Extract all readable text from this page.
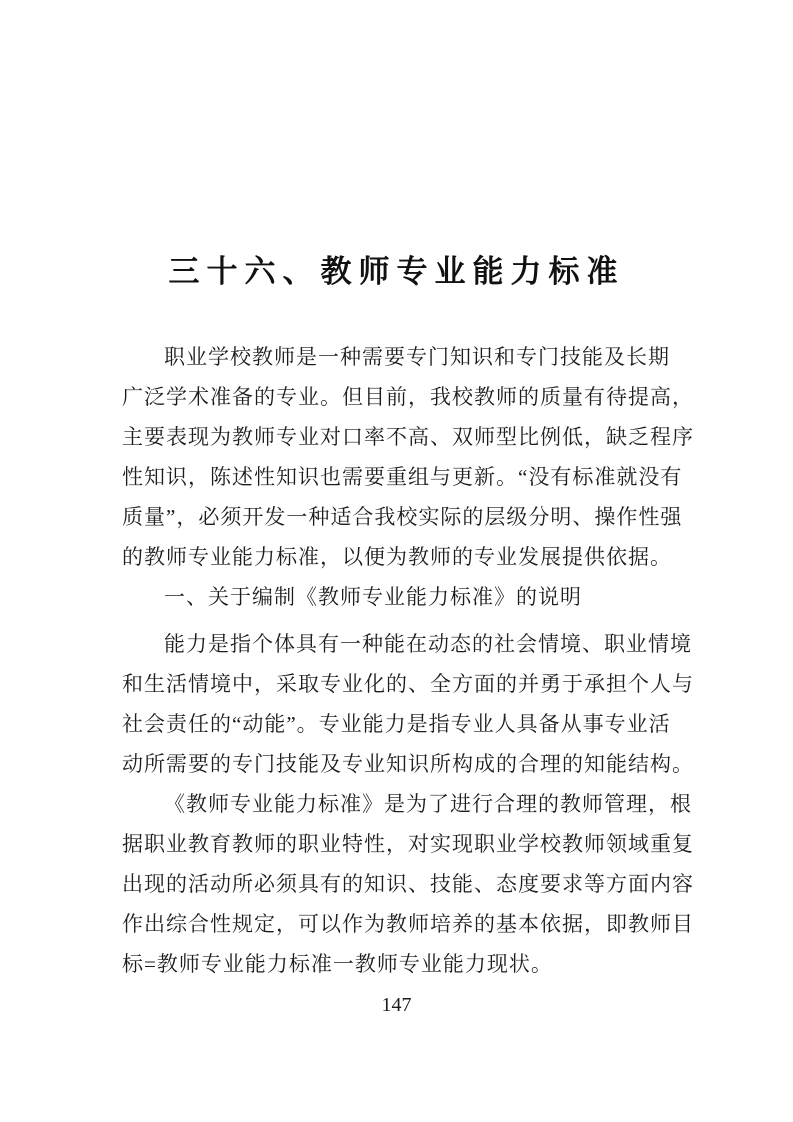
三十六、教师专业能力标准
职业学校教师是一种需要专门知识和专门技能及长期
广泛学术准备的专业。但目前，我校教师的质量有待提高，
主要表现为教师专业对口率不高、双师型比例低，缺乏程序
性知识，陈述性知识也需要重组与更新。“没有标准就没有
质量”，必须开发一种适合我校实际的层级分明、操作性强
的教师专业能力标准，以便为教师的专业发展提供依据。
一、关于编制《教师专业能力标准》的说明
能力是指个体具有一种能在动态的社会情境、职业情境
和生活情境中，采取专业化的、全方面的并勇于承担个人与
社会责任的“动能”。专业能力是指专业人具备从事专业活
动所需要的专门技能及专业知识所构成的合理的知能结构。
《教师专业能力标准》是为了进行合理的教师管理，根
据职业教育教师的职业特性，对实现职业学校教师领域重复
出现的活动所必须具有的知识、技能、态度要求等方面内容
作出综合性规定，可以作为教师培养的基本依据，即教师目
标=教师专业能力标准一教师专业能力现状。
147
